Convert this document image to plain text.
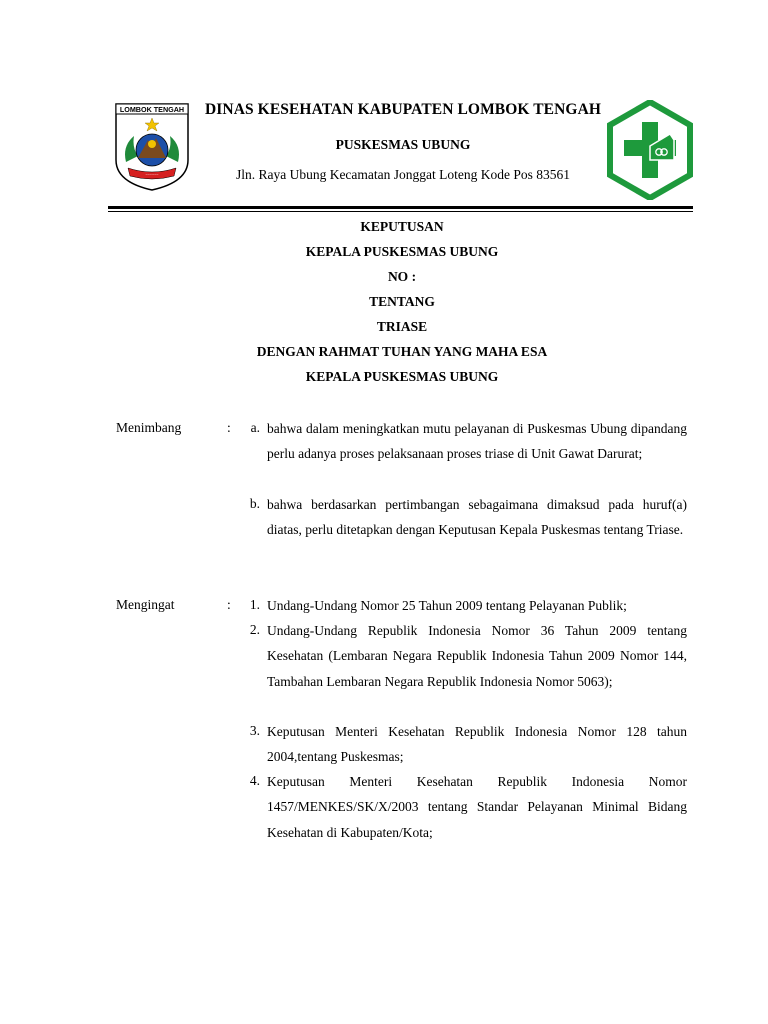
LOMBOK TENGAH
~~~~~~~
DINAS KESEHATAN KABUPATEN LOMBOK TENGAH
PUSKESMAS UBUNG
Jln. Raya Ubung Kecamatan Jonggat Loteng Kode Pos 83561
KEPUTUSAN
KEPALA PUSKESMAS UBUNG
NO :
TENTANG
TRIASE
DENGAN RAHMAT TUHAN YANG MAHA ESA
KEPALA PUSKESMAS UBUNG
Menimbang	:	a. bahwa dalam meningkatkan mutu pelayanan di Puskesmas Ubung dipandang perlu adanya proses pelaksanaan proses triase di Unit Gawat Darurat;
b. bahwa berdasarkan pertimbangan sebagaimana dimaksud pada huruf(a) diatas, perlu ditetapkan dengan Keputusan Kepala Puskesmas tentang Triase.
Mengingat	:	1. Undang-Undang Nomor 25 Tahun 2009 tentang Pelayanan Publik;
2. Undang-Undang Republik Indonesia Nomor 36 Tahun 2009 tentang Kesehatan (Lembaran Negara Republik Indonesia Tahun 2009 Nomor 144, Tambahan Lembaran Negara Republik Indonesia Nomor 5063);
3. Keputusan Menteri Kesehatan Republik Indonesia Nomor 128 tahun 2004,tentang Puskesmas;
4. Keputusan Menteri Kesehatan Republik Indonesia Nomor 1457/MENKES/SK/X/2003 tentang Standar Pelayanan Minimal Bidang Kesehatan di Kabupaten/Kota;
